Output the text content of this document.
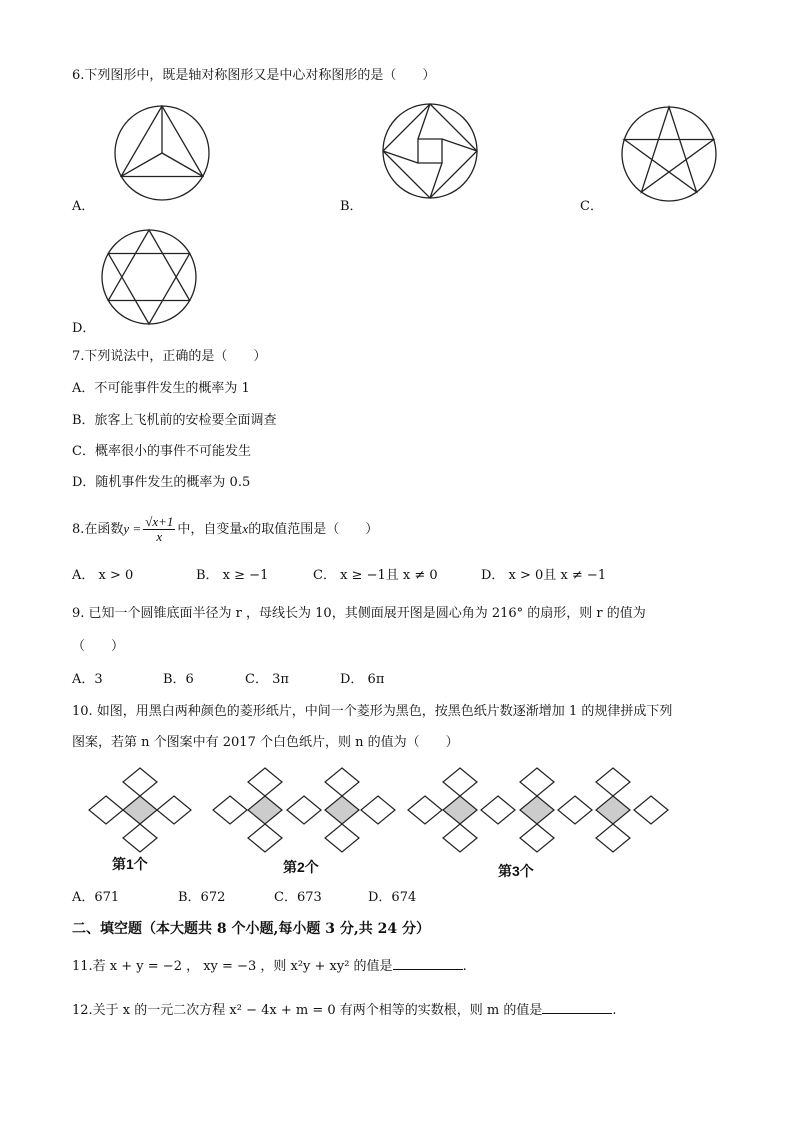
6.下列图形中，既是轴对称图形又是中心对称图形的是（　　）
A．	B．	C．
D．
7.下列说法中，正确的是（　　）
A．不可能事件发生的概率为 1
B．旅客上飞机前的安检要全面调查
C．概率很小的事件不可能发生
D．随机事件发生的概率为 0.5
8.在函数$y = \frac{√x+1}{x}$ 中，自变量x的取值范围是（　　）
A． x > 0	B． x ≥ −1	C． x ≥ −1且 x ≠ 0	D． x > 0且 x ≠ −1
9. 已知一个圆锥底面半径为 r ，母线长为 10，其侧面展开图是圆心角为 216° 的扇形，则 r 的值为
（　　）
A．3	B．6	C． 3π	D． 6π
10. 如图，用黑白两种颜色的菱形纸片，中间一个菱形为黑色，按黑色纸片数逐渐增加 1 的规律拼成下列
图案，若第 n 个图案中有 2017 个白色纸片，则 n 的值为（　　）
第1个	第2个	第3个
A．671	B．672	C．673	D．674
二、填空题（本大题共 8 个小题,每小题 3 分,共 24 分）
11.若 x + y = −2 ， xy = −3 ，则 x²y + xy² 的值是	.
12.关于 x 的一元二次方程 x² − 4x + m = 0 有两个相等的实数根，则 m 的值是	.
